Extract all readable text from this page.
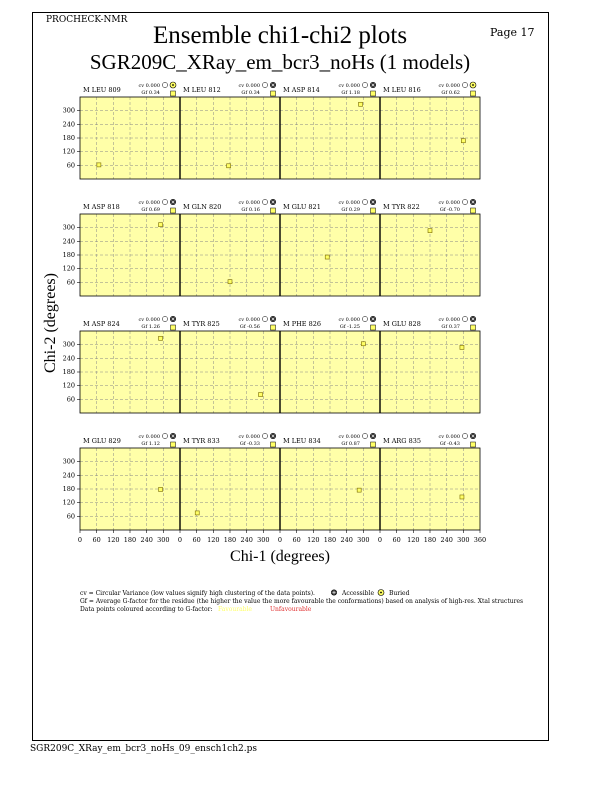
PROCHECK-NMR
Page 17
Ensemble chi1-chi2 plots
SGR209C_XRay_em_bcr3_noHs (1 models)
M LEU 809	cv 0.000
Gf 0.34	M LEU 812	cv 0.000
Gf 0.34	M ASP 814	cv 0.000
Gf 1.18	M LEU 816	cv 0.000
Gf 0.62
M ASP 818	cv 0.000
Gf 0.69	M GLN 820	cv 0.000
Gf 0.16	M GLU 821	cv 0.000
Gf 0.29	M TYR 822	cv 0.000
Gf -0.70
M ASP 824	cv 0.000
Gf 1.26	M TYR 825	cv 0.000
Gf -0.56	M PHE 826	cv 0.000
Gf -1.25	M GLU 828	cv 0.000
Gf 0.37
M GLU 829	cv 0.000
Gf 1.12	M TYR 833	cv 0.000
Gf -0.33	M LEU 834	cv 0.000
Gf 0.87	M ARG 835	cv 0.000
Gf -0.43
60
120
180
240
300
60
120
180
240
300
60
120
180
240
300
60
120
180
240
300
0 60 120 180 240 300 0 60 120 180 240 300 0 60 120 180 240 300 0 60 120 180 240 300 360
Chi-1 (degrees)
Chi-2 (degrees)
cv = Circular Variance (low values signify high clustering of the data points).	Accessible	Buried
Gf = Average G-factor for the residue (the higher the value the more favourable the conformations) based on analysis of high-res. Xtal structures
Data points coloured according to G-factor: Favourable	Unfavourable
SGR209C_XRay_em_bcr3_noHs_09_ensch1ch2.ps
